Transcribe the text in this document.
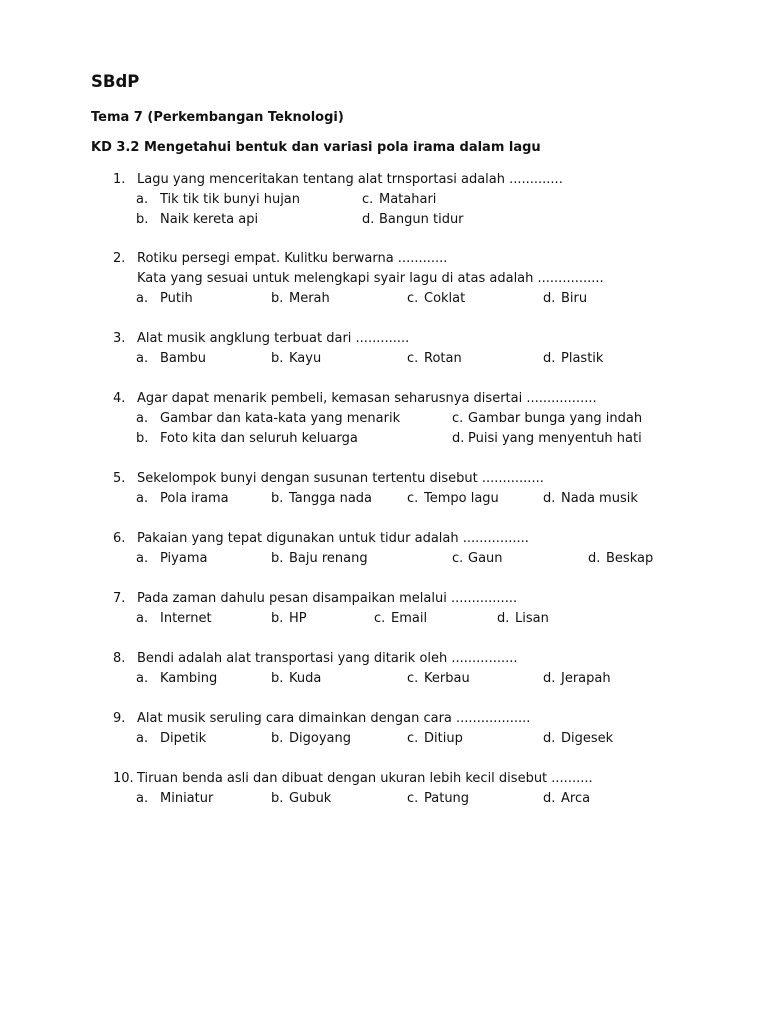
SBdP
Tema 7 (Perkembangan Teknologi)
KD 3.2 Mengetahui bentuk dan variasi pola irama dalam lagu
1. Lagu yang menceritakan tentang alat trnsportasi adalah .............
a. Tik tik tik bunyi hujan	c. Matahari
b. Naik kereta api	d. Bangun tidur
2. Rotiku persegi empat. Kulitku berwarna ............
Kata yang sesuai untuk melengkapi syair lagu di atas adalah ................
a. Putih	b. Merah	c. Coklat	d. Biru
3. Alat musik angklung terbuat dari .............
a. Bambu	b. Kayu	c. Rotan	d. Plastik
4. Agar dapat menarik pembeli, kemasan seharusnya disertai .................
a. Gambar dan kata-kata yang menarik	c. Gambar bunga yang indah
b. Foto kita dan seluruh keluarga	d. Puisi yang menyentuh hati
5. Sekelompok bunyi dengan susunan tertentu disebut ...............
a. Pola irama	b. Tangga nada	c. Tempo lagu	d. Nada musik
6. Pakaian yang tepat digunakan untuk tidur adalah ................
a. Piyama	b. Baju renang	c. Gaun	d. Beskap
7. Pada zaman dahulu pesan disampaikan melalui ................
a. Internet	b. HP	c. Email	d. Lisan
8. Bendi adalah alat transportasi yang ditarik oleh ................
a. Kambing	b. Kuda	c. Kerbau	d. Jerapah
9. Alat musik seruling cara dimainkan dengan cara ..................
a. Dipetik	b. Digoyang	c. Ditiup	d. Digesek
10. Tiruan benda asli dan dibuat dengan ukuran lebih kecil disebut ..........
a. Miniatur	b. Gubuk	c. Patung	d. Arca
